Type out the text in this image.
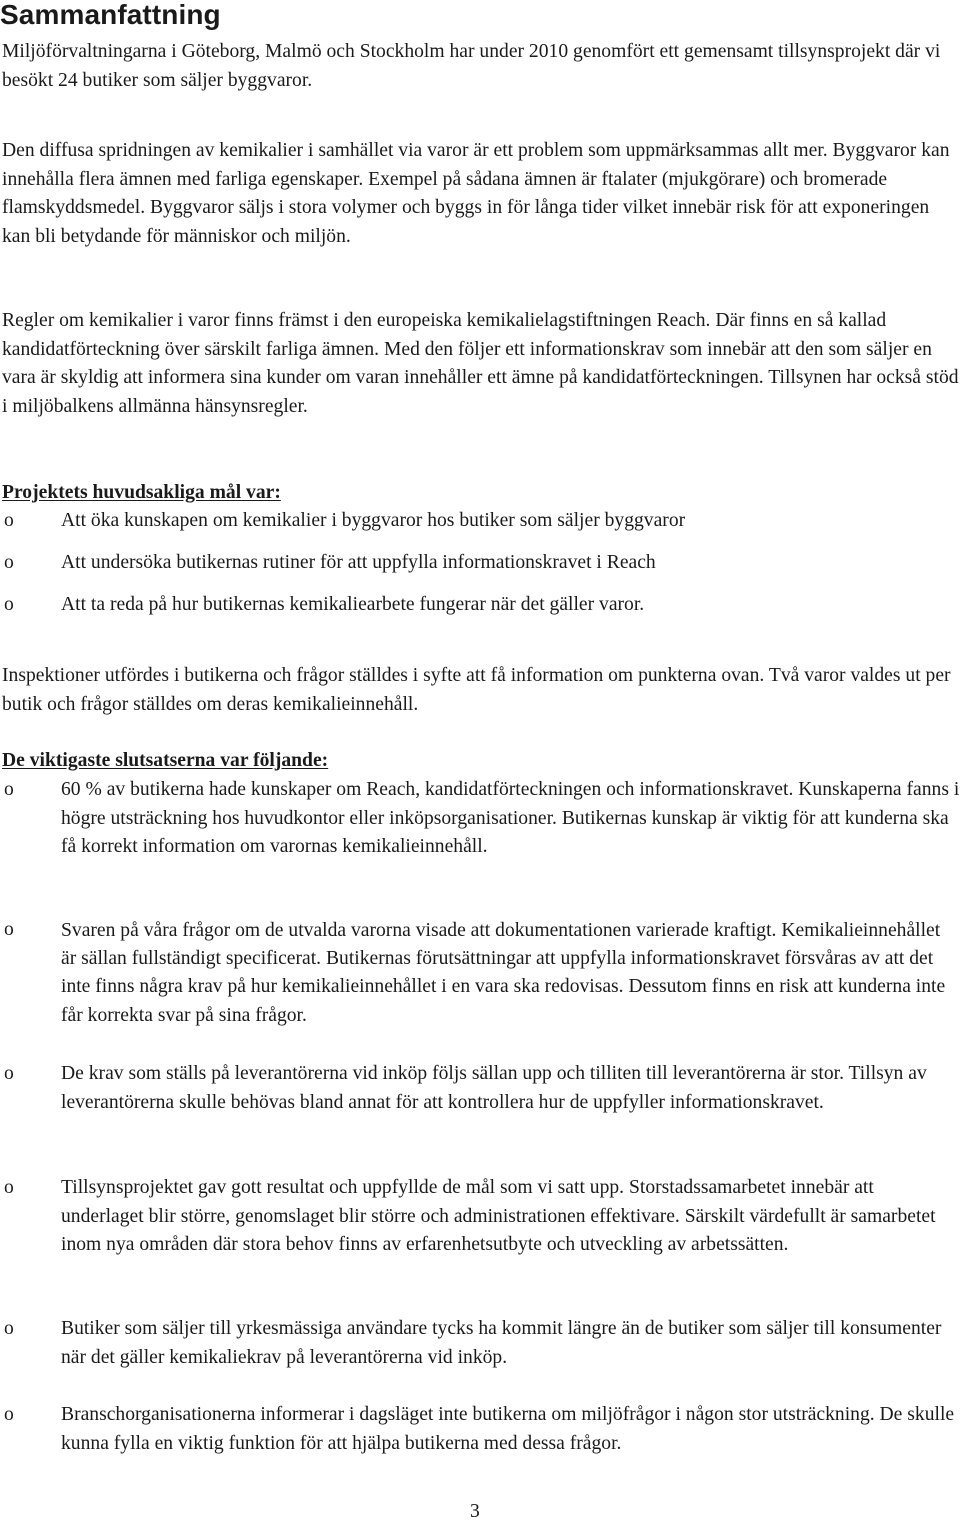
Sammanfattning

Miljöförvaltningarna i Göteborg, Malmö och Stockholm har under 2010 genomfört ett gemensamt tillsynsprojekt där vi besökt 24 butiker som säljer byggvaror.

Den diffusa spridningen av kemikalier i samhället via varor är ett problem som uppmärksammas allt mer. Byggvaror kan innehålla flera ämnen med farliga egenskaper. Exempel på sådana ämnen är ftalater (mjukgörare) och bromerade flamskyddsmedel. Byggvaror säljs i stora volymer och byggs in för långa tider vilket innebär risk för att exponeringen kan bli betydande för människor och miljön.

Regler om kemikalier i varor finns främst i den europeiska kemikalielagstiftningen Reach. Där finns en så kallad kandidatförteckning över särskilt farliga ämnen. Med den följer ett informationskrav som innebär att den som säljer en vara är skyldig att informera sina kunder om varan innehåller ett ämne på kandidatförteckningen. Tillsynen har också stöd i miljöbalkens allmänna hänsynsregler.

Projektets huvudsakliga mål var:
o	Att öka kunskapen om kemikalier i byggvaror hos butiker som säljer byggvaror
o	Att undersöka butikernas rutiner för att uppfylla informationskravet i Reach
o	Att ta reda på hur butikernas kemikaliearbete fungerar när det gäller varor.

Inspektioner utfördes i butikerna och frågor ställdes i syfte att få information om punkterna ovan. Två varor valdes ut per butik och frågor ställdes om deras kemikalieinnehåll.

De viktigaste slutsatserna var följande:
o	60 % av butikerna hade kunskaper om Reach, kandidatförteckningen och informationskravet. Kunskaperna fanns i högre utsträckning hos huvudkontor eller inköpsorganisationer. Butikernas kunskap är viktig för att kunderna ska få korrekt information om varornas kemikalieinnehåll.
o	Svaren på våra frågor om de utvalda varorna visade att dokumentationen varierade kraftigt. Kemikalieinnehållet är sällan fullständigt specificerat. Butikernas förutsättningar att uppfylla informationskravet försvåras av att det inte finns några krav på hur kemikalieinnehållet i en vara ska redovisas. Dessutom finns en risk att kunderna inte får korrekta svar på sina frågor.
o	De krav som ställs på leverantörerna vid inköp följs sällan upp och tilliten till leverantörerna är stor. Tillsyn av leverantörerna skulle behövas bland annat för att kontrollera hur de uppfyller informationskravet.
o	Tillsynsprojektet gav gott resultat och uppfyllde de mål som vi satt upp. Storstadssamarbetet innebär att underlaget blir större, genomslaget blir större och administrationen effektivare. Särskilt värdefullt är samarbetet inom nya områden där stora behov finns av erfarenhetsutbyte och utveckling av arbetssätten.
o	Butiker som säljer till yrkesmässiga användare tycks ha kommit längre än de butiker som säljer till konsumenter när det gäller kemikaliekrav på leverantörerna vid inköp.
o	Branschorganisationerna informerar i dagsläget inte butikerna om miljöfrågor i någon stor utsträckning. De skulle kunna fylla en viktig funktion för att hjälpa butikerna med dessa frågor.
3
